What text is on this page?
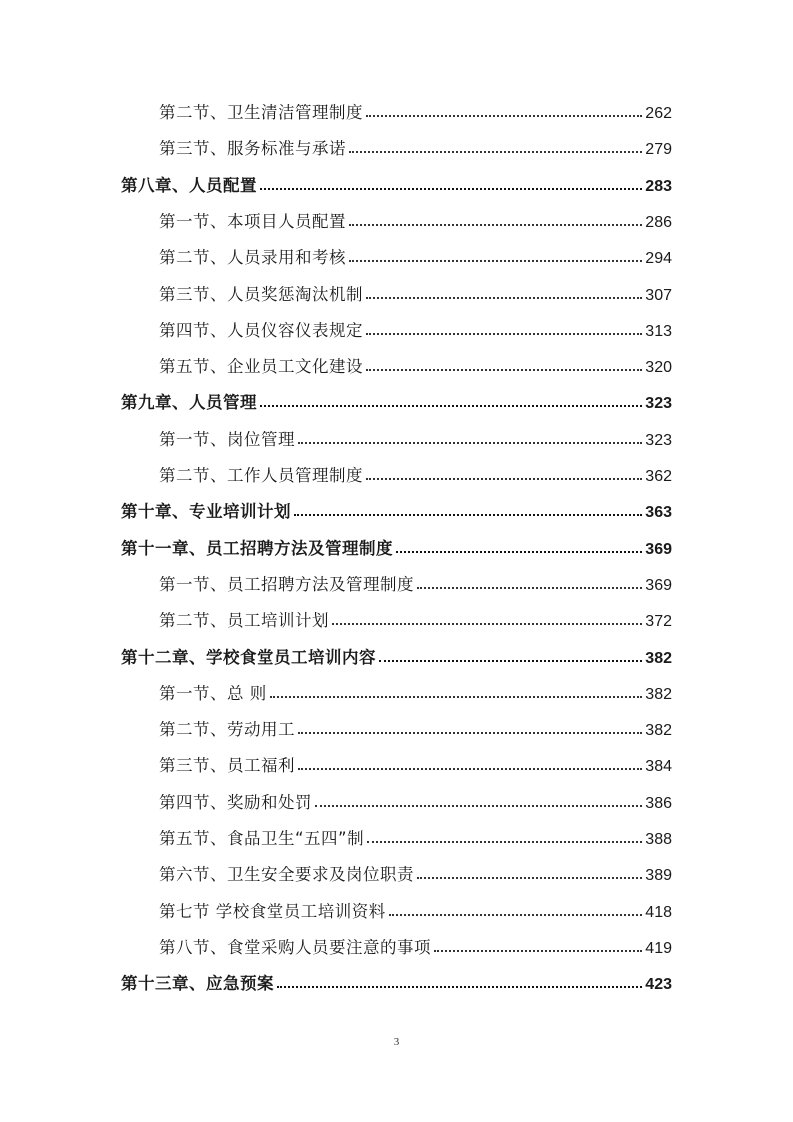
第二节、卫生清洁管理制度	262
第三节、服务标准与承诺	279
第八章、人员配置	283
第一节、本项目人员配置	286
第二节、人员录用和考核	294
第三节、人员奖惩淘汰机制	307
第四节、人员仪容仪表规定	313
第五节、企业员工文化建设	320
第九章、人员管理	323
第一节、岗位管理	323
第二节、工作人员管理制度	362
第十章、专业培训计划	363
第十一章、员工招聘方法及管理制度	369
第一节、员工招聘方法及管理制度	369
第二节、员工培训计划	372
第十二章、学校食堂员工培训内容	382
第一节、总 则	382
第二节、劳动用工	382
第三节、员工福利	384
第四节、奖励和处罚	386
第五节、食品卫生“五四”制	388
第六节、卫生安全要求及岗位职责	389
第七节 学校食堂员工培训资料	418
第八节、食堂采购人员要注意的事项	419
第十三章、应急预案	423
3
